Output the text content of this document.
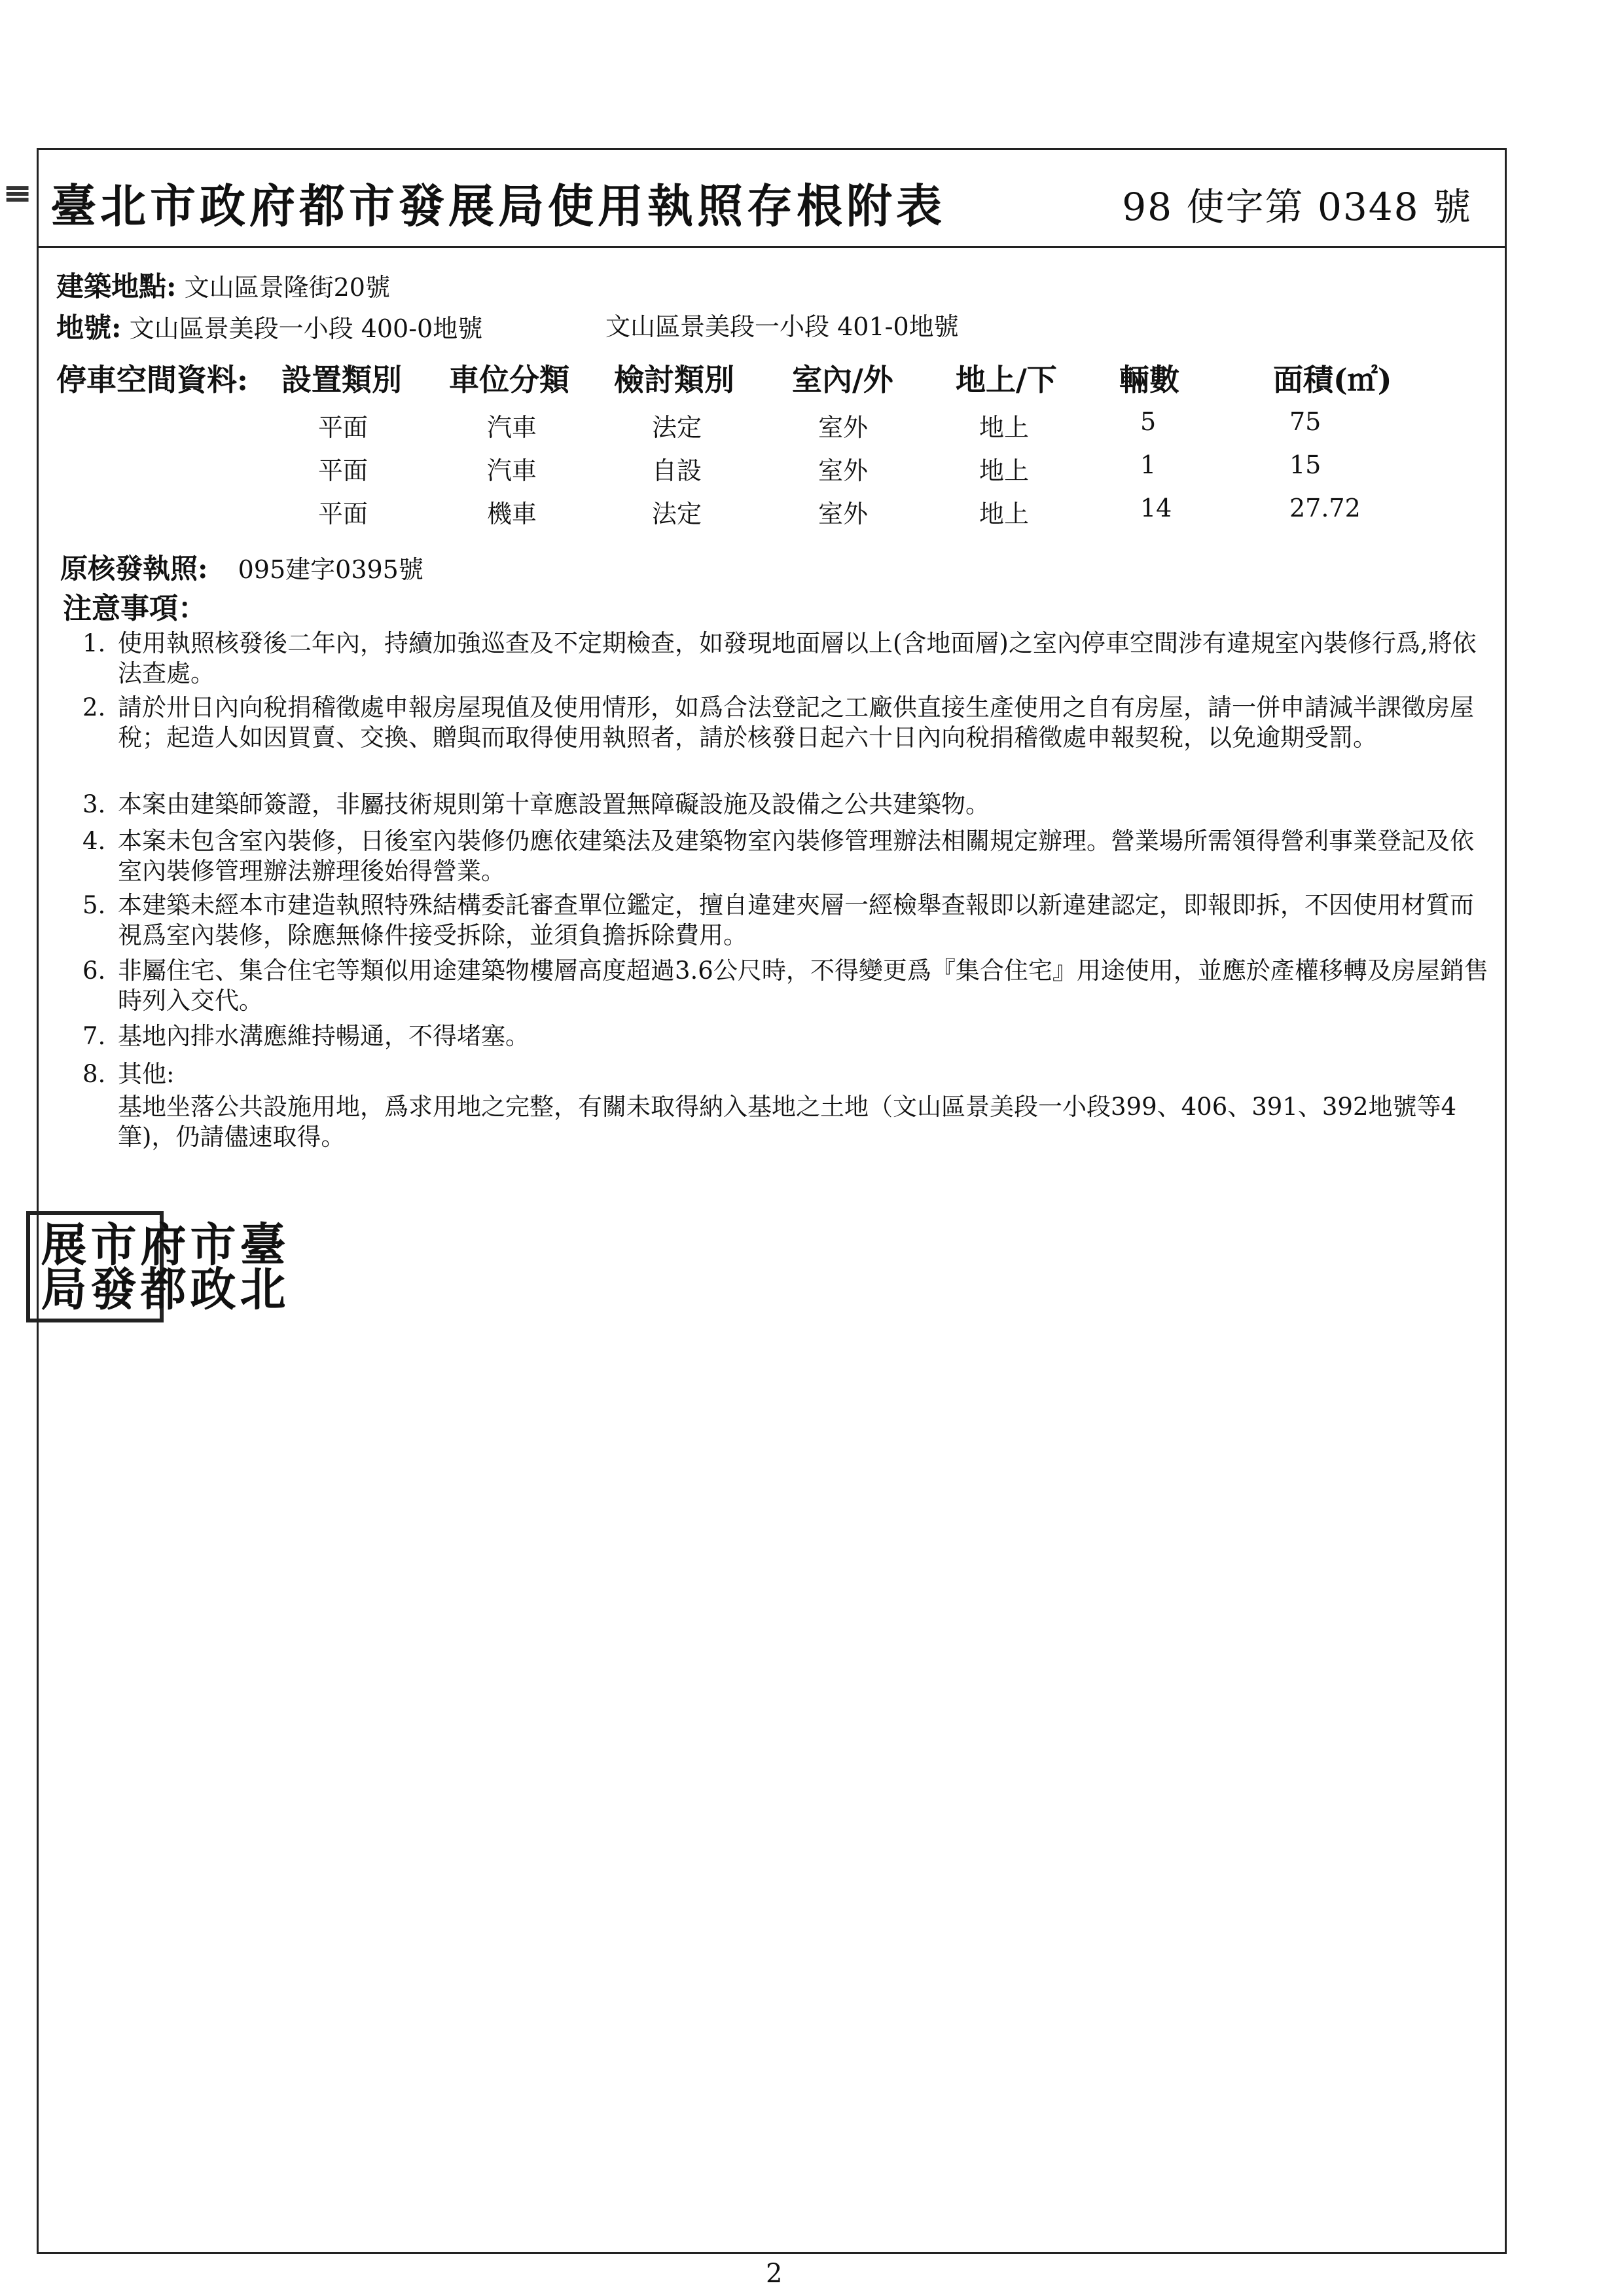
臺北市政府都市發展局使用執照存根附表	98 使字第 0348 號
≡
建築地點: 文山區景隆街20號
地號: 文山區景美段一小段 400-0地號	文山區景美段一小段 401-0地號
停車空間資料: 設置類別 車位分類 檢討類別 室內/外 地上/下 輛數	面積(㎡)
平面	汽車	法定	室外	地上	5	75
平面	汽車	自設	室外	地上	1	15
平面	機車	法定	室外	地上	14	27.72
原核發執照: 095建字0395號
注意事項：
1. 使用執照核發後二年內，持續加強巡查及不定期檢查，如發現地面層以上(含地面層)之室內停車空間涉有違規室內裝修行爲,將依法查處。
2. 請於卅日內向稅捐稽徵處申報房屋現值及使用情形，如爲合法登記之工廠供直接生產使用之自有房屋，請一併申請減半課徵房屋稅；起造人如因買賣、交換、贈與而取得使用執照者，請於核發日起六十日內向稅捐稽徵處申報契稅，以免逾期受罰。
3. 本案由建築師簽證，非屬技術規則第十章應設置無障礙設施及設備之公共建築物。
4. 本案未包含室內裝修，日後室內裝修仍應依建築法及建築物室內裝修管理辦法相關規定辦理。營業場所需領得營利事業登記及依室內裝修管理辦法辦理後始得營業。
5. 本建築未經本市建造執照特殊結構委託審查單位鑑定，擅自違建夾層一經檢舉查報即以新違建認定，即報即拆，不因使用材質而視爲室內裝修，除應無條件接受拆除，並須負擔拆除費用。
6. 非屬住宅、集合住宅等類似用途建築物樓層高度超過3.6公尺時，不得變更爲『集合住宅』用途使用，並應於產權移轉及房屋銷售時列入交代。
7. 基地內排水溝應維持暢通，不得堵塞。
8. 其他:
基地坐落公共設施用地，爲求用地之完整，有關未取得納入基地之土地（文山區景美段一小段399、406、391、392地號等4筆)，仍請儘速取得。
臺北市政府都市發展局
2
